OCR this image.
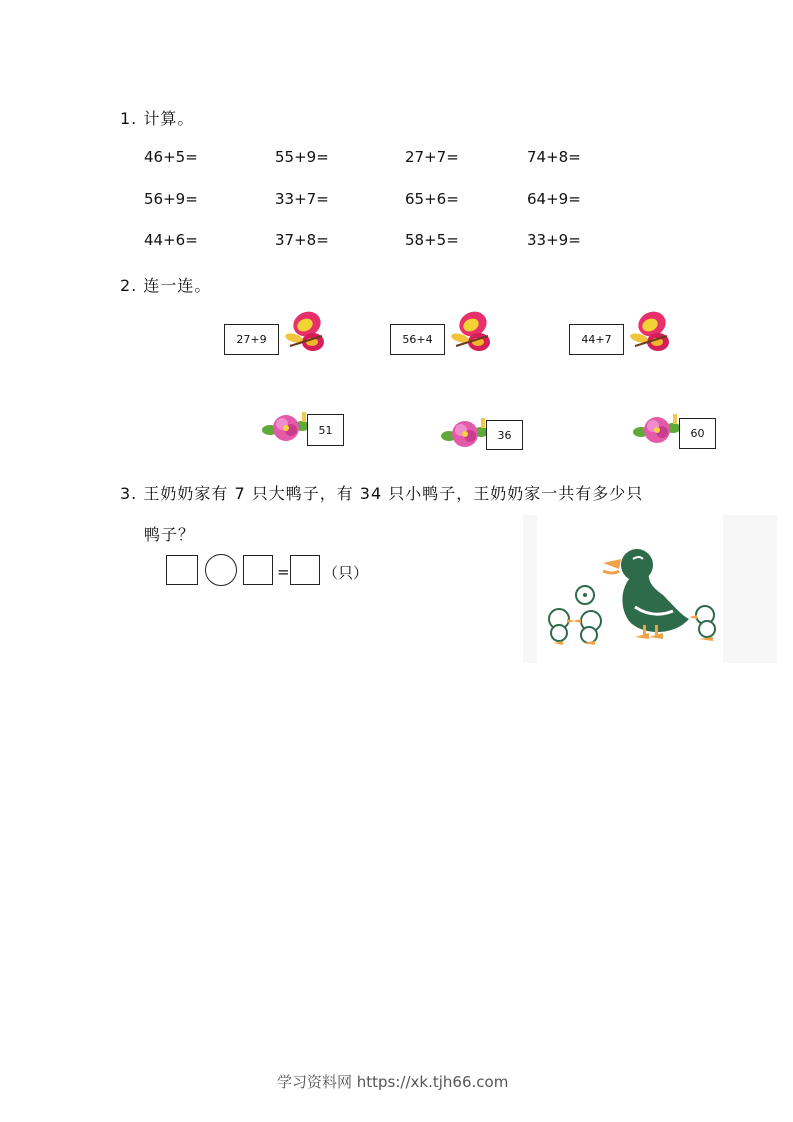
1. 计算。
46+5=	55+9=	27+7=	74+8=
56+9=	33+7=	65+6=	64+9=
44+6=	37+8=	58+5=	33+9=
2. 连一连。
27+9	56+4	44+7
51	36	60
3. 王奶奶家有 7 只大鸭子，有 34 只小鸭子，王奶奶家一共有多少只
鸭子？
= （只）
学习资料网 https://xk.tjh66.com
